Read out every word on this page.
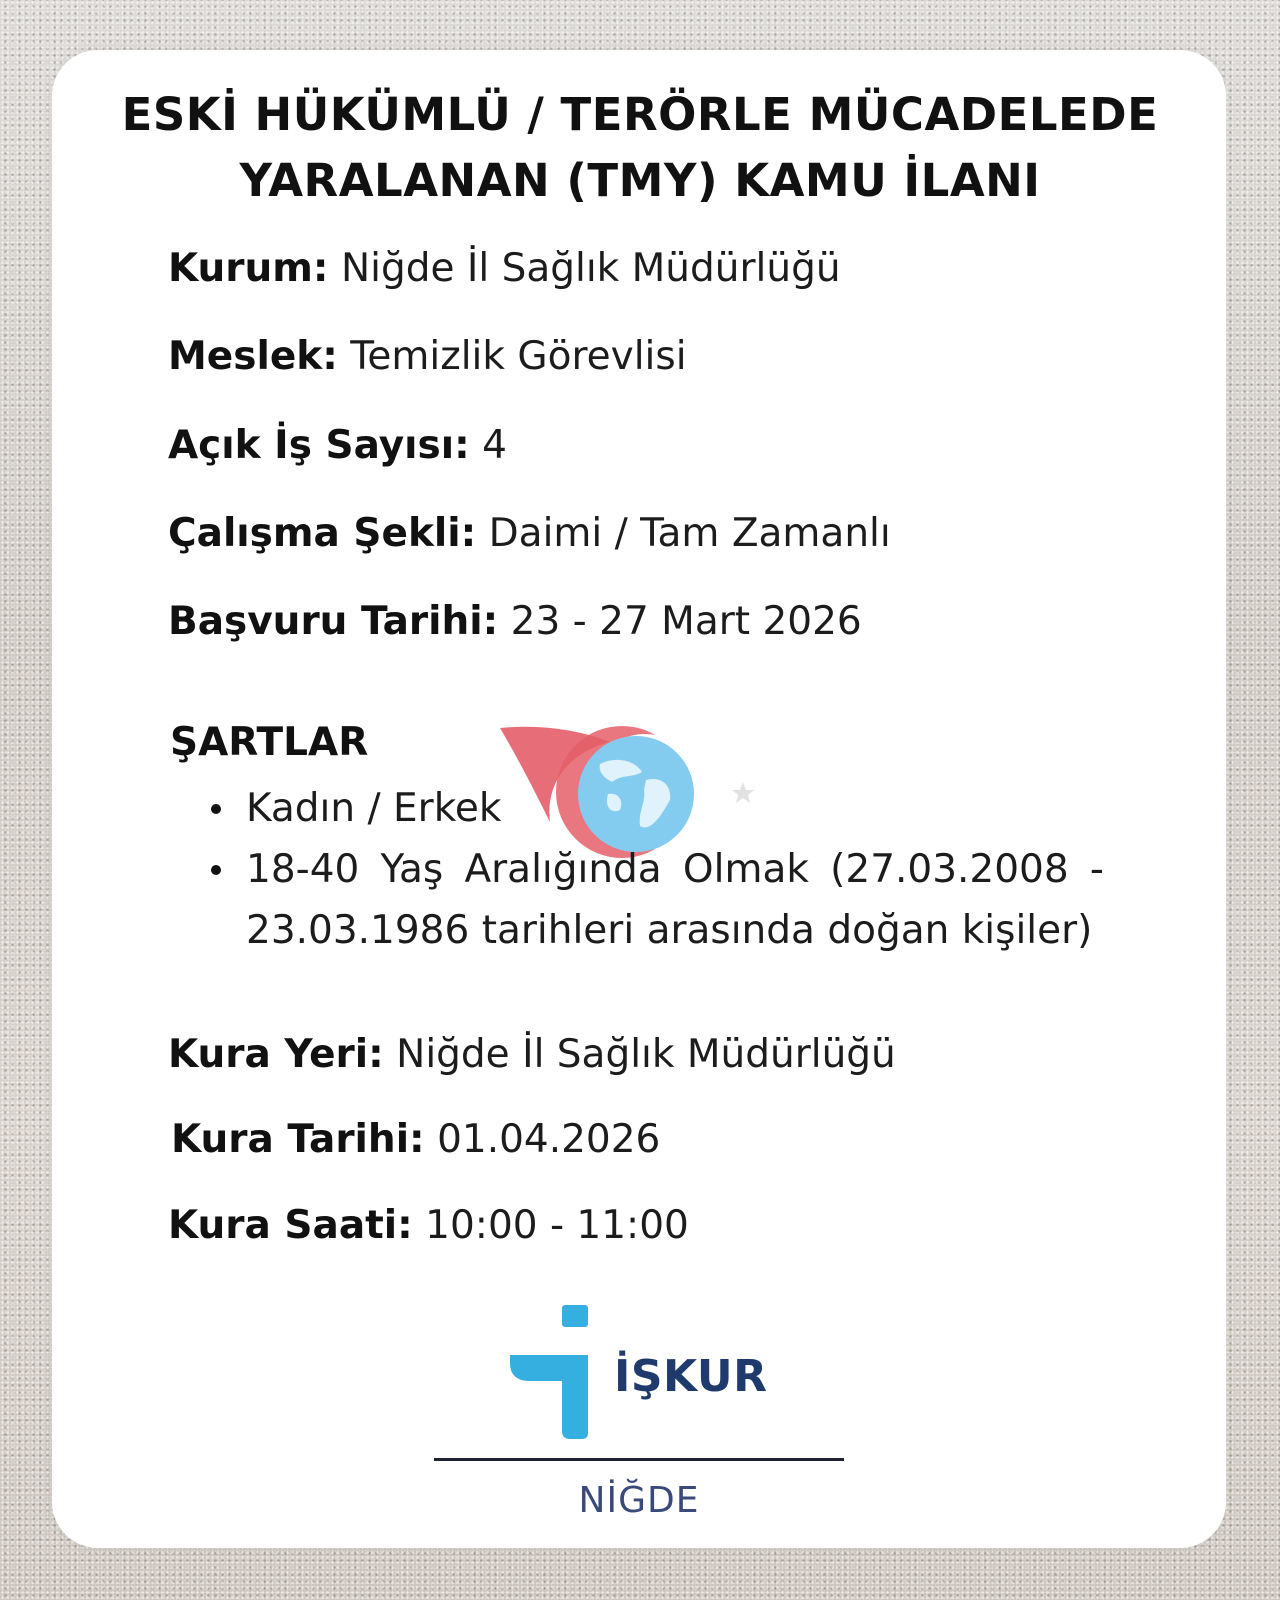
ESKİ HÜKÜMLÜ / TERÖRLE MÜCADELEDE
YARALANAN (TMY) KAMU İLANI
Kurum: Niğde İl Sağlık Müdürlüğü
Meslek: Temizlik Görevlisi
Açık İş Sayısı: 4
Çalışma Şekli: Daimi / Tam Zamanlı
Başvuru Tarihi: 23 - 27 Mart 2026
ŞARTLAR
Kadın / Erkek
18-40 Yaş Aralığında Olmak (27.03.2008 - 23.03.1986 tarihleri arasında doğan kişiler)
Kura Yeri: Niğde İl Sağlık Müdürlüğü
Kura Tarihi: 01.04.2026
Kura Saati: 10:00 - 11:00
İŞKUR
NİĞDE
